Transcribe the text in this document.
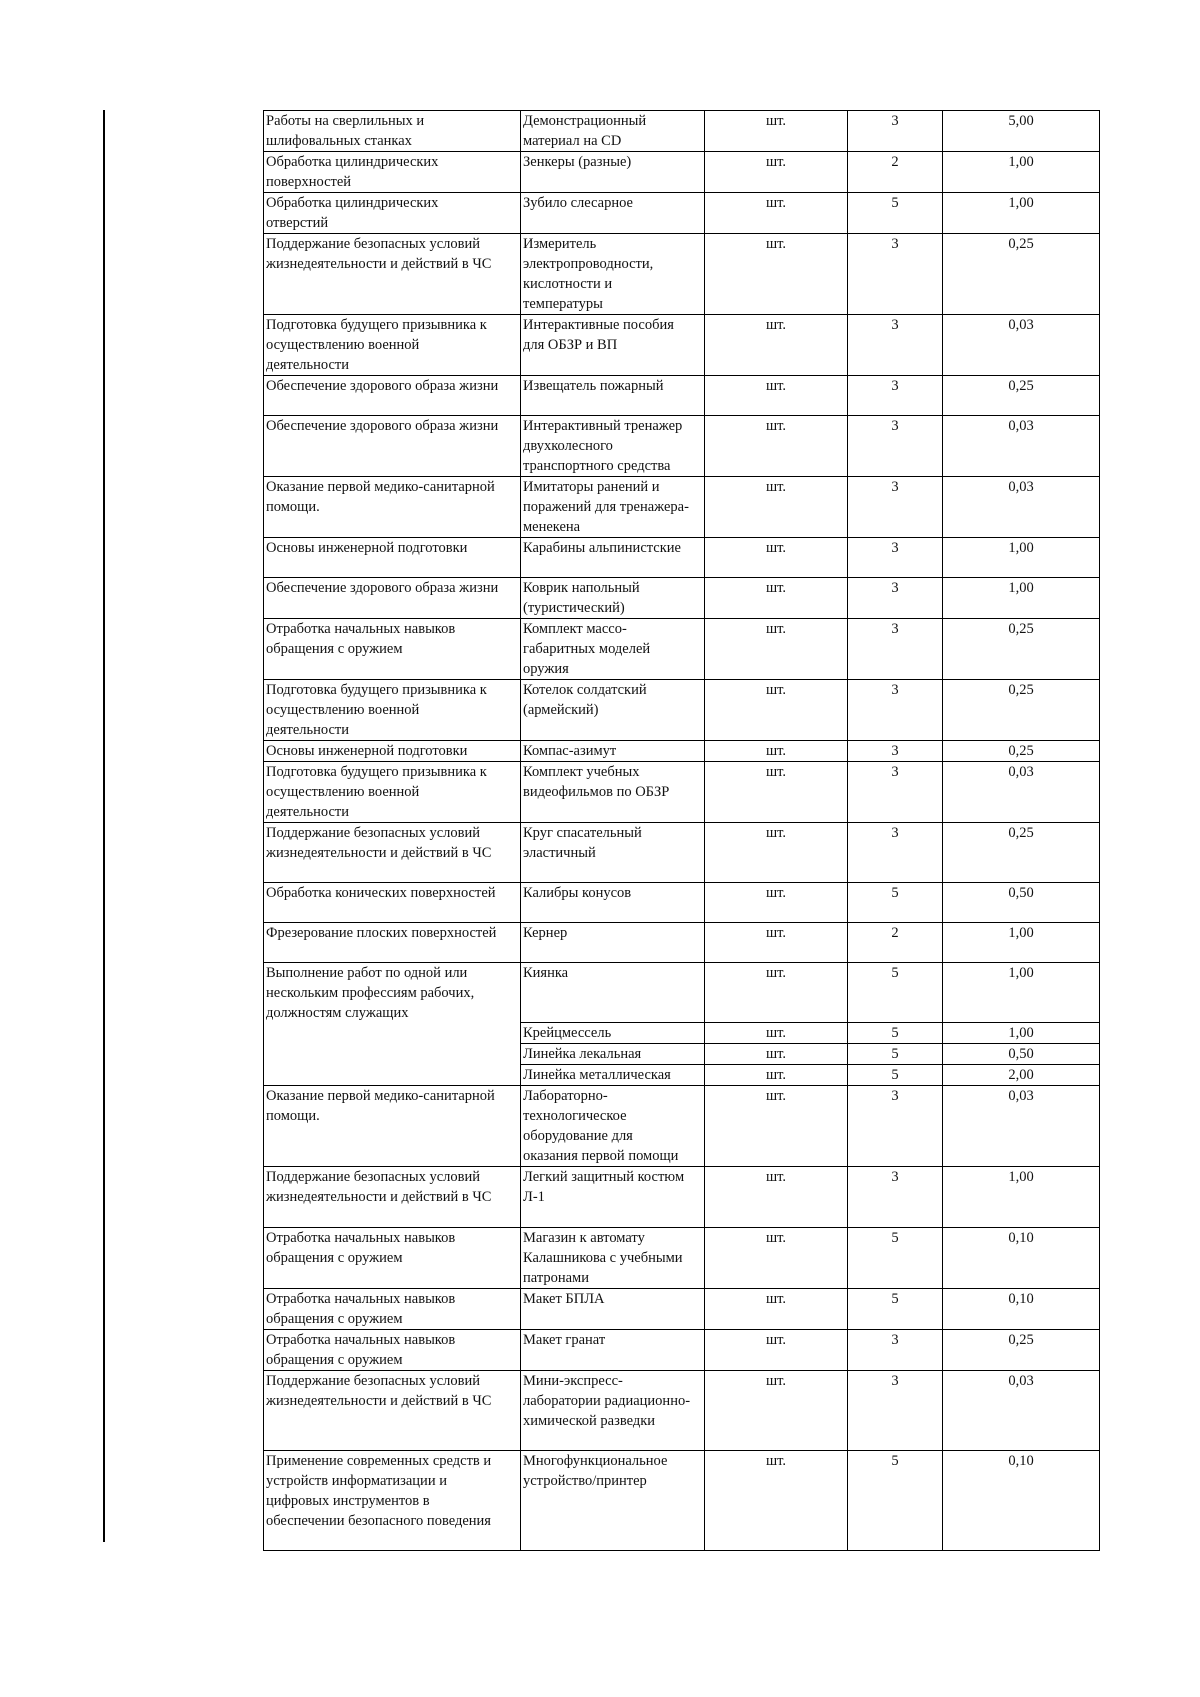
Работы на сверлильных и
шлифовальных станках	Демонстрационный
материал на CD	шт.	3	5,00
Обработка цилиндрических
поверхностей	Зенкеры (разные)	шт.	2	1,00
Обработка цилиндрических
отверстий	Зубило слесарное	шт.	5	1,00
Поддержание безопасных условий
жизнедеятельности и действий в ЧС	Измеритель
электропроводности,
кислотности и
температуры	шт.	3	0,25
Подготовка будущего призывника к
осуществлению военной
деятельности	Интерактивные пособия
для ОБЗР и ВП	шт.	3	0,03
Обеспечение здорового образа жизни	Извещатель пожарный	шт.	3	0,25
Обеспечение здорового образа жизни	Интерактивный тренажер
двухколесного
транспортного средства	шт.	3	0,03
Оказание первой медико-санитарной
помощи.	Имитаторы ранений и
поражений для тренажера-
менекена	шт.	3	0,03
Основы инженерной подготовки	Карабины альпинистские	шт.	3	1,00
Обеспечение здорового образа жизни	Коврик напольный
(туристический)	шт.	3	1,00
Отработка начальных навыков
обращения с оружием	Комплект массо-
габаритных моделей
оружия	шт.	3	0,25
Подготовка будущего призывника к
осуществлению военной
деятельности	Котелок солдатский
(армейский)	шт.	3	0,25
Основы инженерной подготовки	Компас-азимут	шт.	3	0,25
Подготовка будущего призывника к
осуществлению военной
деятельности	Комплект учебных
видеофильмов по ОБЗР	шт.	3	0,03
Поддержание безопасных условий
жизнедеятельности и действий в ЧС	Круг спасательный
эластичный	шт.	3	0,25
Обработка конических поверхностей	Калибры конусов	шт.	5	0,50
Фрезерование плоских поверхностей	Кернер	шт.	2	1,00
Выполнение работ по одной или
нескольким профессиям рабочих,
должностям служащих	Киянка	шт.	5	1,00
	Крейцмессель	шт.	5	1,00
	Линейка лекальная	шт.	5	0,50
	Линейка металлическая	шт.	5	2,00
Оказание первой медико-санитарной
помощи.	Лабораторно-
технологическое
оборудование для
оказания первой помощи	шт.	3	0,03
Поддержание безопасных условий
жизнедеятельности и действий в ЧС	Легкий защитный костюм
Л-1	шт.	3	1,00
Отработка начальных навыков
обращения с оружием	Магазин к автомату
Калашникова с учебными
патронами	шт.	5	0,10
Отработка начальных навыков
обращения с оружием	Макет БПЛА	шт.	5	0,10
Отработка начальных навыков
обращения с оружием	Макет гранат	шт.	3	0,25
Поддержание безопасных условий
жизнедеятельности и действий в ЧС	Мини-экспресс-
лаборатории радиационно-
химической разведки	шт.	3	0,03
Применение современных средств и
устройств информатизации и
цифровых инструментов в
обеспечении безопасного поведения	Многофункциональное
устройство/принтер	шт.	5	0,10
